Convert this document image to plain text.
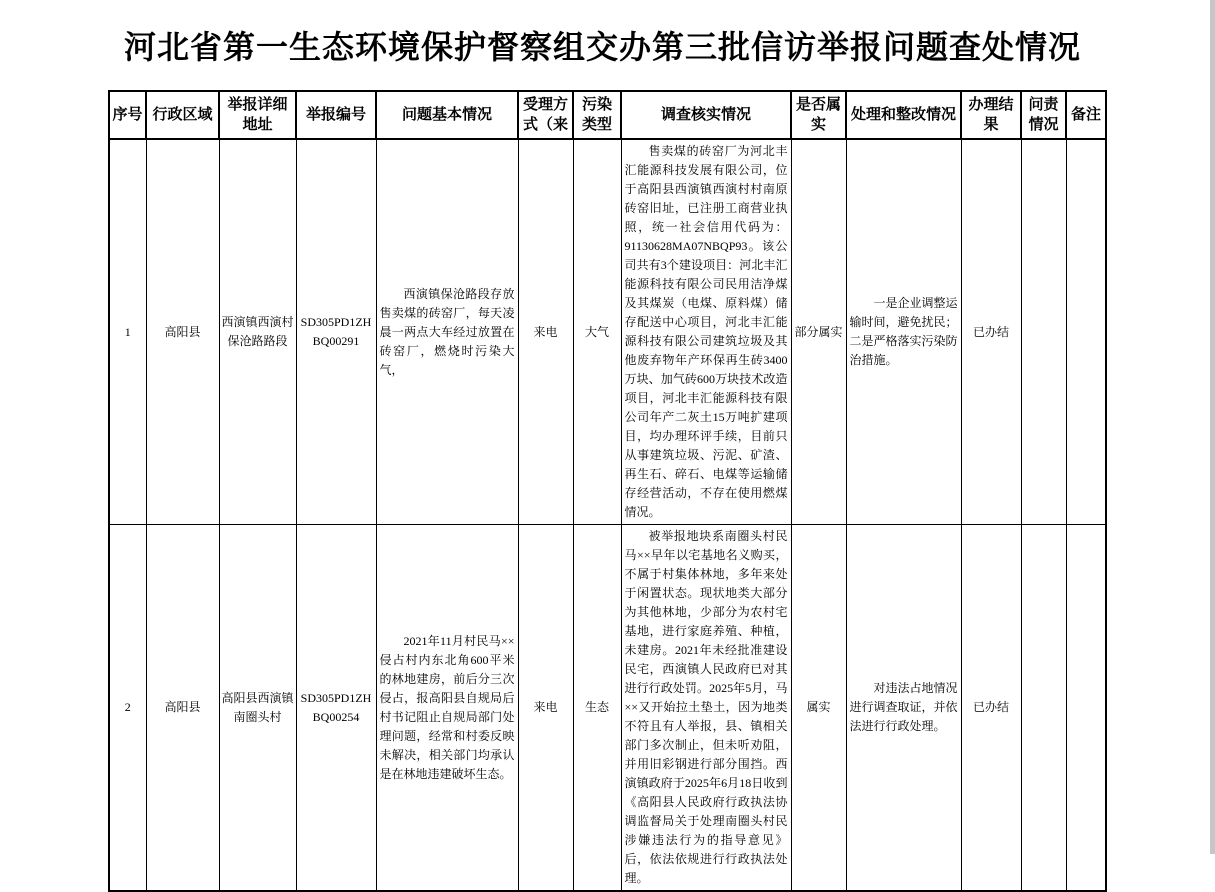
河北省第一生态环境保护督察组交办第三批信访举报问题查处情况
序号	行政区域	举报详细地址	举报编号	问题基本情况	受理方式（来	污染类型	调查核实情况	是否属实	处理和整改情况	办理结果	问责情况	备注
1	高阳县	西演镇西演村保沧路路段	SD305PD1ZHBQ00291	西演镇保沧路段存放售卖煤的砖窑厂，每天凌晨一两点大车经过放置在砖窑厂，燃烧时污染大气，	来电	大气	售卖煤的砖窑厂为河北丰汇能源科技发展有限公司，位于高阳县西演镇西演村村南原砖窑旧址，已注册工商营业执照，统一社会信用代码为：91130628MA07NBQP93。该公司共有3个建设项目：河北丰汇能源科技有限公司民用洁净煤及其煤炭（电煤、原料煤）储存配送中心项目，河北丰汇能源科技有限公司建筑垃圾及其他废弃物年产环保再生砖3400万块、加气砖600万块技术改造项目，河北丰汇能源科技有限公司年产二灰土15万吨扩建项目，均办理环评手续，目前只从事建筑垃圾、污泥、矿渣、再生石、碎石、电煤等运输储存经营活动，不存在使用燃煤情况。	部分属实	一是企业调整运输时间，避免扰民；二是严格落实污染防治措施。	已办结		
2	高阳县	高阳县西演镇南圈头村	SD305PD1ZHBQ00254	2021年11月村民马××侵占村内东北角600平米的林地建房，前后分三次侵占，报高阳县自规局后村书记阻止自规局部门处理问题，经常和村委反映未解决，相关部门均承认是在林地违建破坏生态。	来电	生态	被举报地块系南圈头村民马××早年以宅基地名义购买，不属于村集体林地，多年来处于闲置状态。现状地类大部分为其他林地，少部分为农村宅基地，进行家庭养殖、种植，未建房。2021年未经批准建设民宅，西演镇人民政府已对其进行行政处罚。2025年5月，马××又开始拉土垫土，因为地类不符且有人举报，县、镇相关部门多次制止，但未听劝阻，并用旧彩钢进行部分围挡。西演镇政府于2025年6月18日收到《高阳县人民政府行政执法协调监督局关于处理南圈头村民涉嫌违法行为的指导意见》后，依法依规进行行政执法处理。	属实	对违法占地情况进行调查取证，并依法进行行政处理。	已办结		
